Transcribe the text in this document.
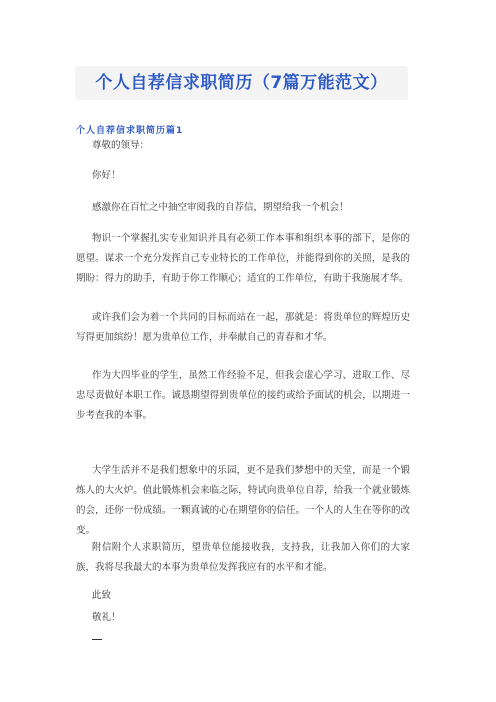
个人自荐信求职简历（7篇万能范文）
个人自荐信求职简历篇1
尊敬的领导：
你好！
感激你在百忙之中抽空审阅我的自荐信，期望给我一个机会！
物识一个掌握扎实专业知识并具有必须工作本事和组织本事的部下，是你的愿望。谋求一个充分发挥自己专业特长的工作单位，并能得到你的关照，是我的期盼：得力的助手，有助于你工作顺心；适宜的工作单位，有助于我施展才华。
或许我们会为着一个共同的目标而站在一起，那就是：将贵单位的辉煌历史写得更加缤纷！愿为贵单位工作，并奉献自己的青春和才华。
作为大四毕业的学生，虽然工作经验不足，但我会虚心学习、进取工作、尽忠尽责做好本职工作。诚恳期望得到贵单位的接约或给予面试的机会，以期进一步考查我的本事。
大学生活并不是我们想象中的乐园，更不是我们梦想中的天堂，而是一个锻炼人的大火炉。值此锻炼机会来临之际，特试向贵单位自荐，给我一个就业锻炼的会，还你一份成绩。一颗真诚的心在期望你的信任。一个人的人生在等你的改变。
附信附个人求职简历，望贵单位能接收我，支持我，让我加入你们的大家族，我将尽我最大的本事为贵单位发挥我应有的水平和才能。
此致
敬礼！
